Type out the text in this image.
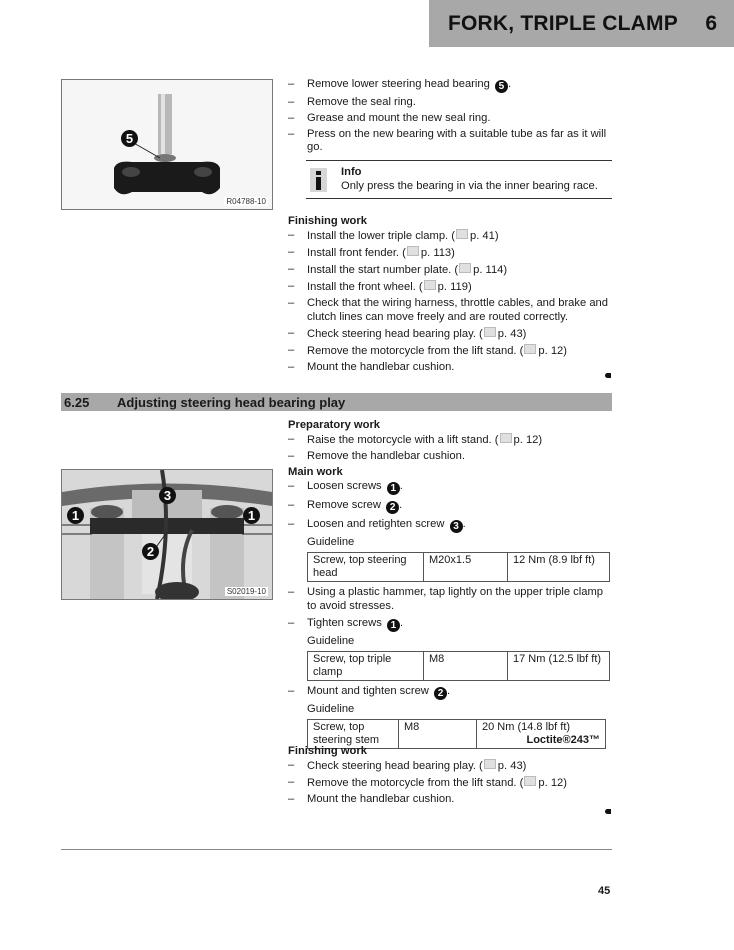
FORK, TRIPLE CLAMP 6
5
R04788-10
– Remove lower steering head bearing 5 .
– Remove the seal ring.
– Grease and mount the new seal ring.
– Press on the new bearing with a suitable tube as far as it will go.
Info
Only press the bearing in via the inner bearing race.
Finishing work
– Install the lower triple clamp. ( p. 41)
– Install front fender. ( p. 113)
– Install the start number plate. ( p. 114)
– Install the front wheel. ( p. 119)
– Check that the wiring harness, throttle cables, and brake and clutch lines can move freely and are routed correctly.
– Check steering head bearing play. ( p. 43)
– Remove the motorcycle from the lift stand. ( p. 12)
– Mount the handlebar cushion.
6.25 Adjusting steering head bearing play
Preparatory work
– Raise the motorcycle with a lift stand. ( p. 12)
– Remove the handlebar cushion.
1	1
2
3
S02019-10
Main work
– Loosen screws 1 .
– Remove screw 2 .
– Loosen and retighten screw 3 .
Guideline
Screw, top steering head	M20x1.5	12 Nm (8.9 lbf ft)
– Using a plastic hammer, tap lightly on the upper triple clamp to avoid stresses.
– Tighten screws 1 .
Guideline
Screw, top triple clamp	M8	17 Nm (12.5 lbf ft)
– Mount and tighten screw 2 .
Guideline
Screw, top steering stem	M8	20 Nm (14.8 lbf ft)
Loctite®243™
Finishing work
– Check steering head bearing play. ( p. 43)
– Remove the motorcycle from the lift stand. ( p. 12)
– Mount the handlebar cushion.
45
